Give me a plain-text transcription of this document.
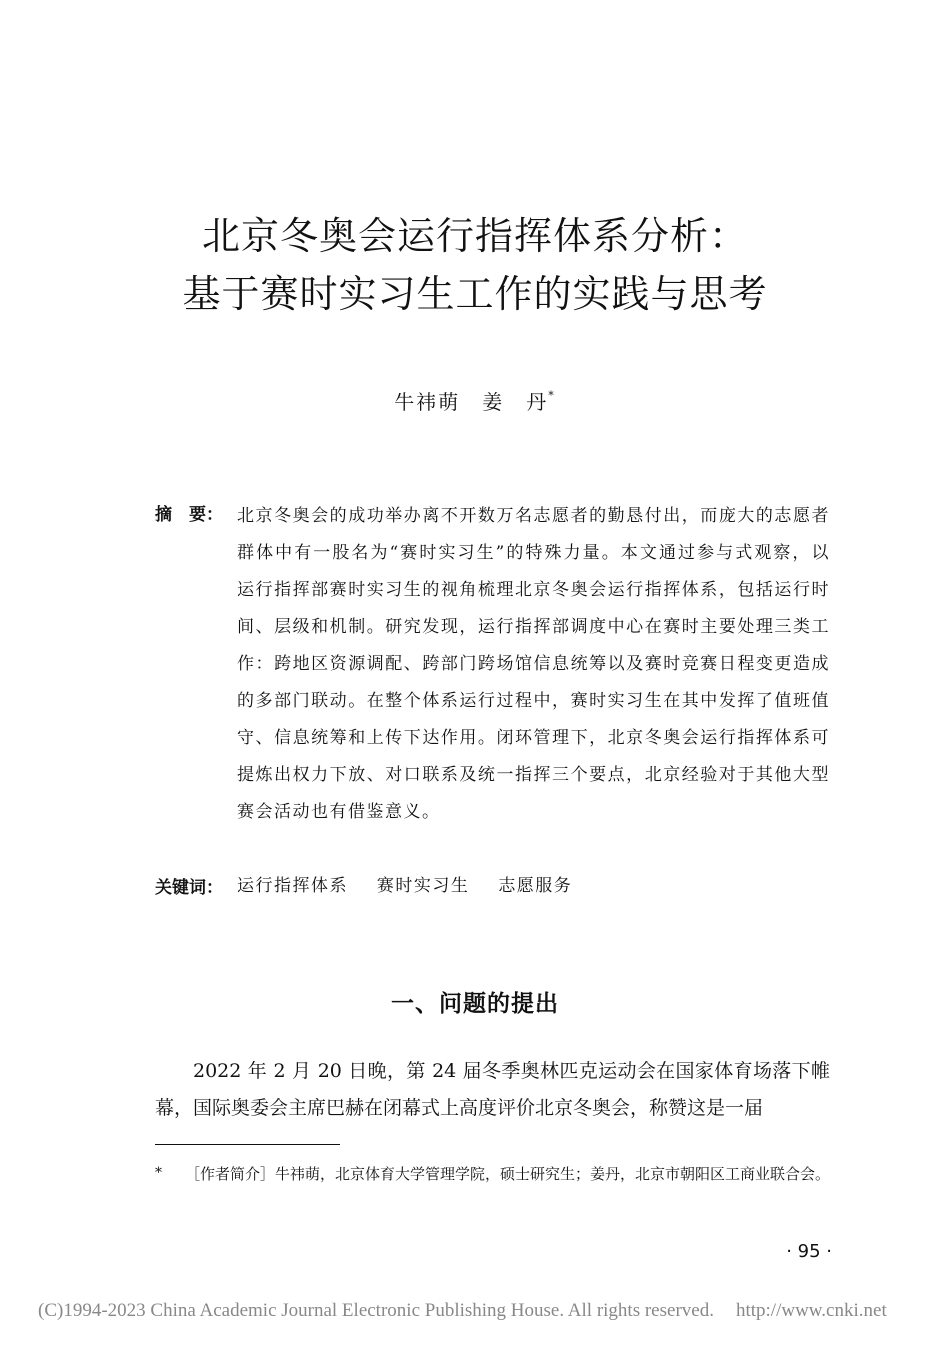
北京冬奥会运行指挥体系分析：
基于赛时实习生工作的实践与思考
牛祎萌　姜　丹*
摘　要： 北京冬奥会的成功举办离不开数万名志愿者的勤恳付出，而庞大的志愿者群体中有一股名为“赛时实习生”的特殊力量。本文通过参与式观察，以运行指挥部赛时实习生的视角梳理北京冬奥会运行指挥体系，包括运行时间、层级和机制。研究发现，运行指挥部调度中心在赛时主要处理三类工作：跨地区资源调配、跨部门跨场馆信息统筹以及赛时竞赛日程变更造成的多部门联动。在整个体系运行过程中，赛时实习生在其中发挥了值班值守、信息统筹和上传下达作用。闭环管理下，北京冬奥会运行指挥体系可提炼出权力下放、对口联系及统一指挥三个要点，北京经验对于其他大型赛会活动也有借鉴意义。
关键词： 运行指挥体系 赛时实习生 志愿服务
一、问题的提出
2022 年 2 月 20 日晚，第 24 届冬季奥林匹克运动会在国家体育场落下帷幕，国际奥委会主席巴赫在闭幕式上高度评价北京冬奥会，称赞这是一届
* ［作者简介］牛祎萌，北京体育大学管理学院，硕士研究生；姜丹，北京市朝阳区工商业联合会。
· 95 ·
(C)1994-2023 China Academic Journal Electronic Publishing House. All rights reserved. http://www.cnki.net
